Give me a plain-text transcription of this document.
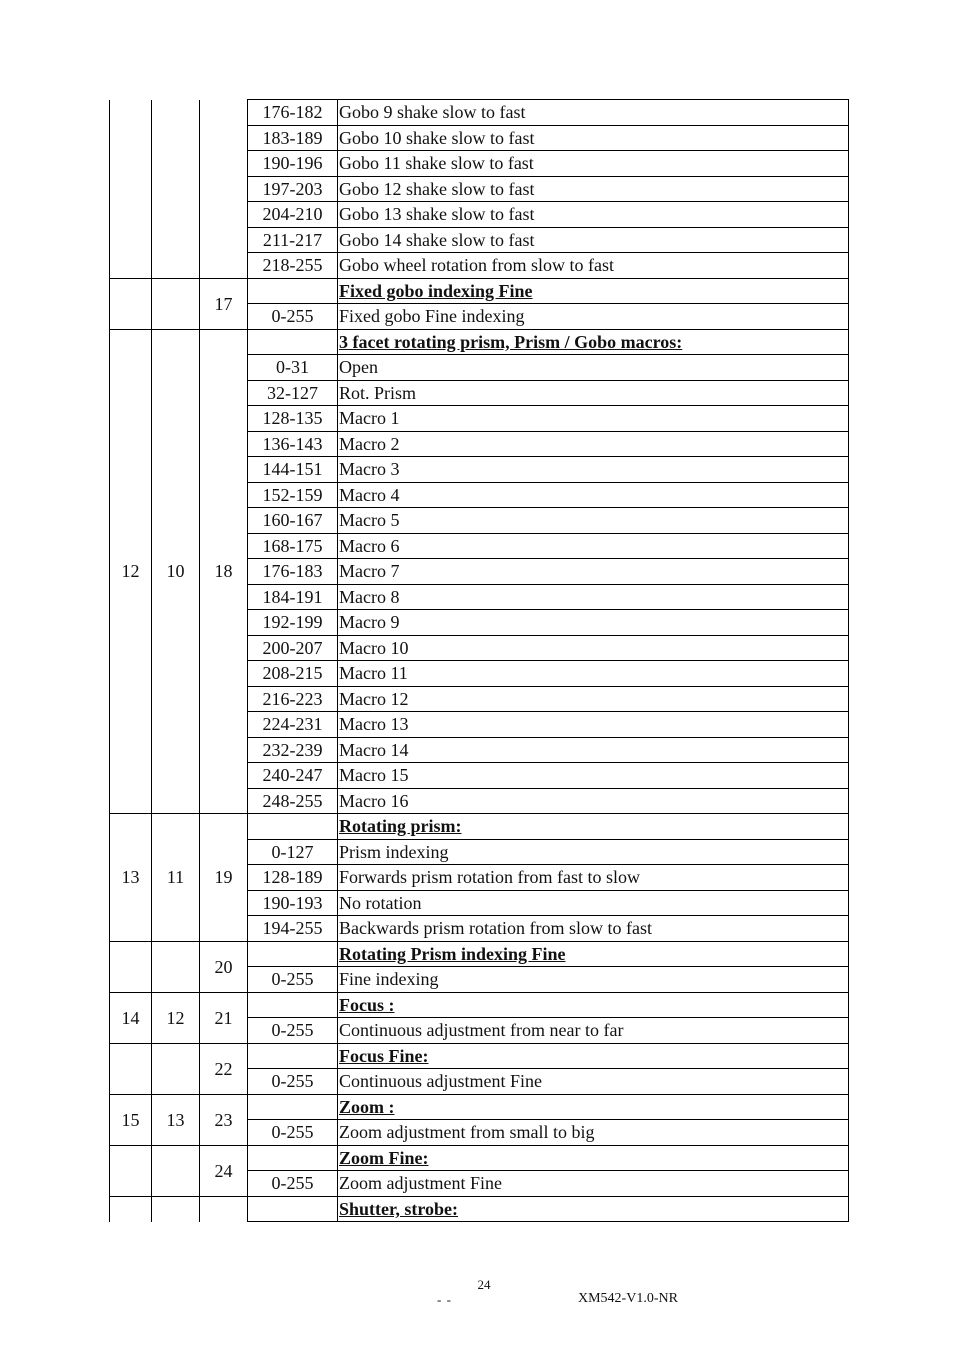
			176-182	Gobo 9 shake slow to fast
			183-189	Gobo 10 shake slow to fast
			190-196	Gobo 11 shake slow to fast
			197-203	Gobo 12 shake slow to fast
			204-210	Gobo 13 shake slow to fast
			211-217	Gobo 14 shake slow to fast
			218-255	Gobo wheel rotation from slow to fast
		17		Fixed gobo indexing Fine
			0-255	Fixed gobo Fine indexing
12	10	18		3 facet rotating prism, Prism / Gobo macros:
			0-31	Open
			32-127	Rot. Prism
			128-135	Macro 1
			136-143	Macro 2
			144-151	Macro 3
			152-159	Macro 4
			160-167	Macro 5
			168-175	Macro 6
			176-183	Macro 7
			184-191	Macro 8
			192-199	Macro 9
			200-207	Macro 10
			208-215	Macro 11
			216-223	Macro 12
			224-231	Macro 13
			232-239	Macro 14
			240-247	Macro 15
			248-255	Macro 16
13	11	19		Rotating prism:
			0-127	Prism indexing
			128-189	Forwards prism rotation from fast to slow
			190-193	No rotation
			194-255	Backwards prism rotation from slow to fast
		20		Rotating Prism indexing Fine
			0-255	Fine indexing
14	12	21		Focus :
			0-255	Continuous adjustment from near to far
		22		Focus Fine:
			0-255	Continuous adjustment Fine
15	13	23		Zoom :
			0-255	Zoom adjustment from small to big
		24		Zoom Fine:
			0-255	Zoom adjustment Fine
				Shutter, strobe:
24
- -	XM542-V1.0-NR
